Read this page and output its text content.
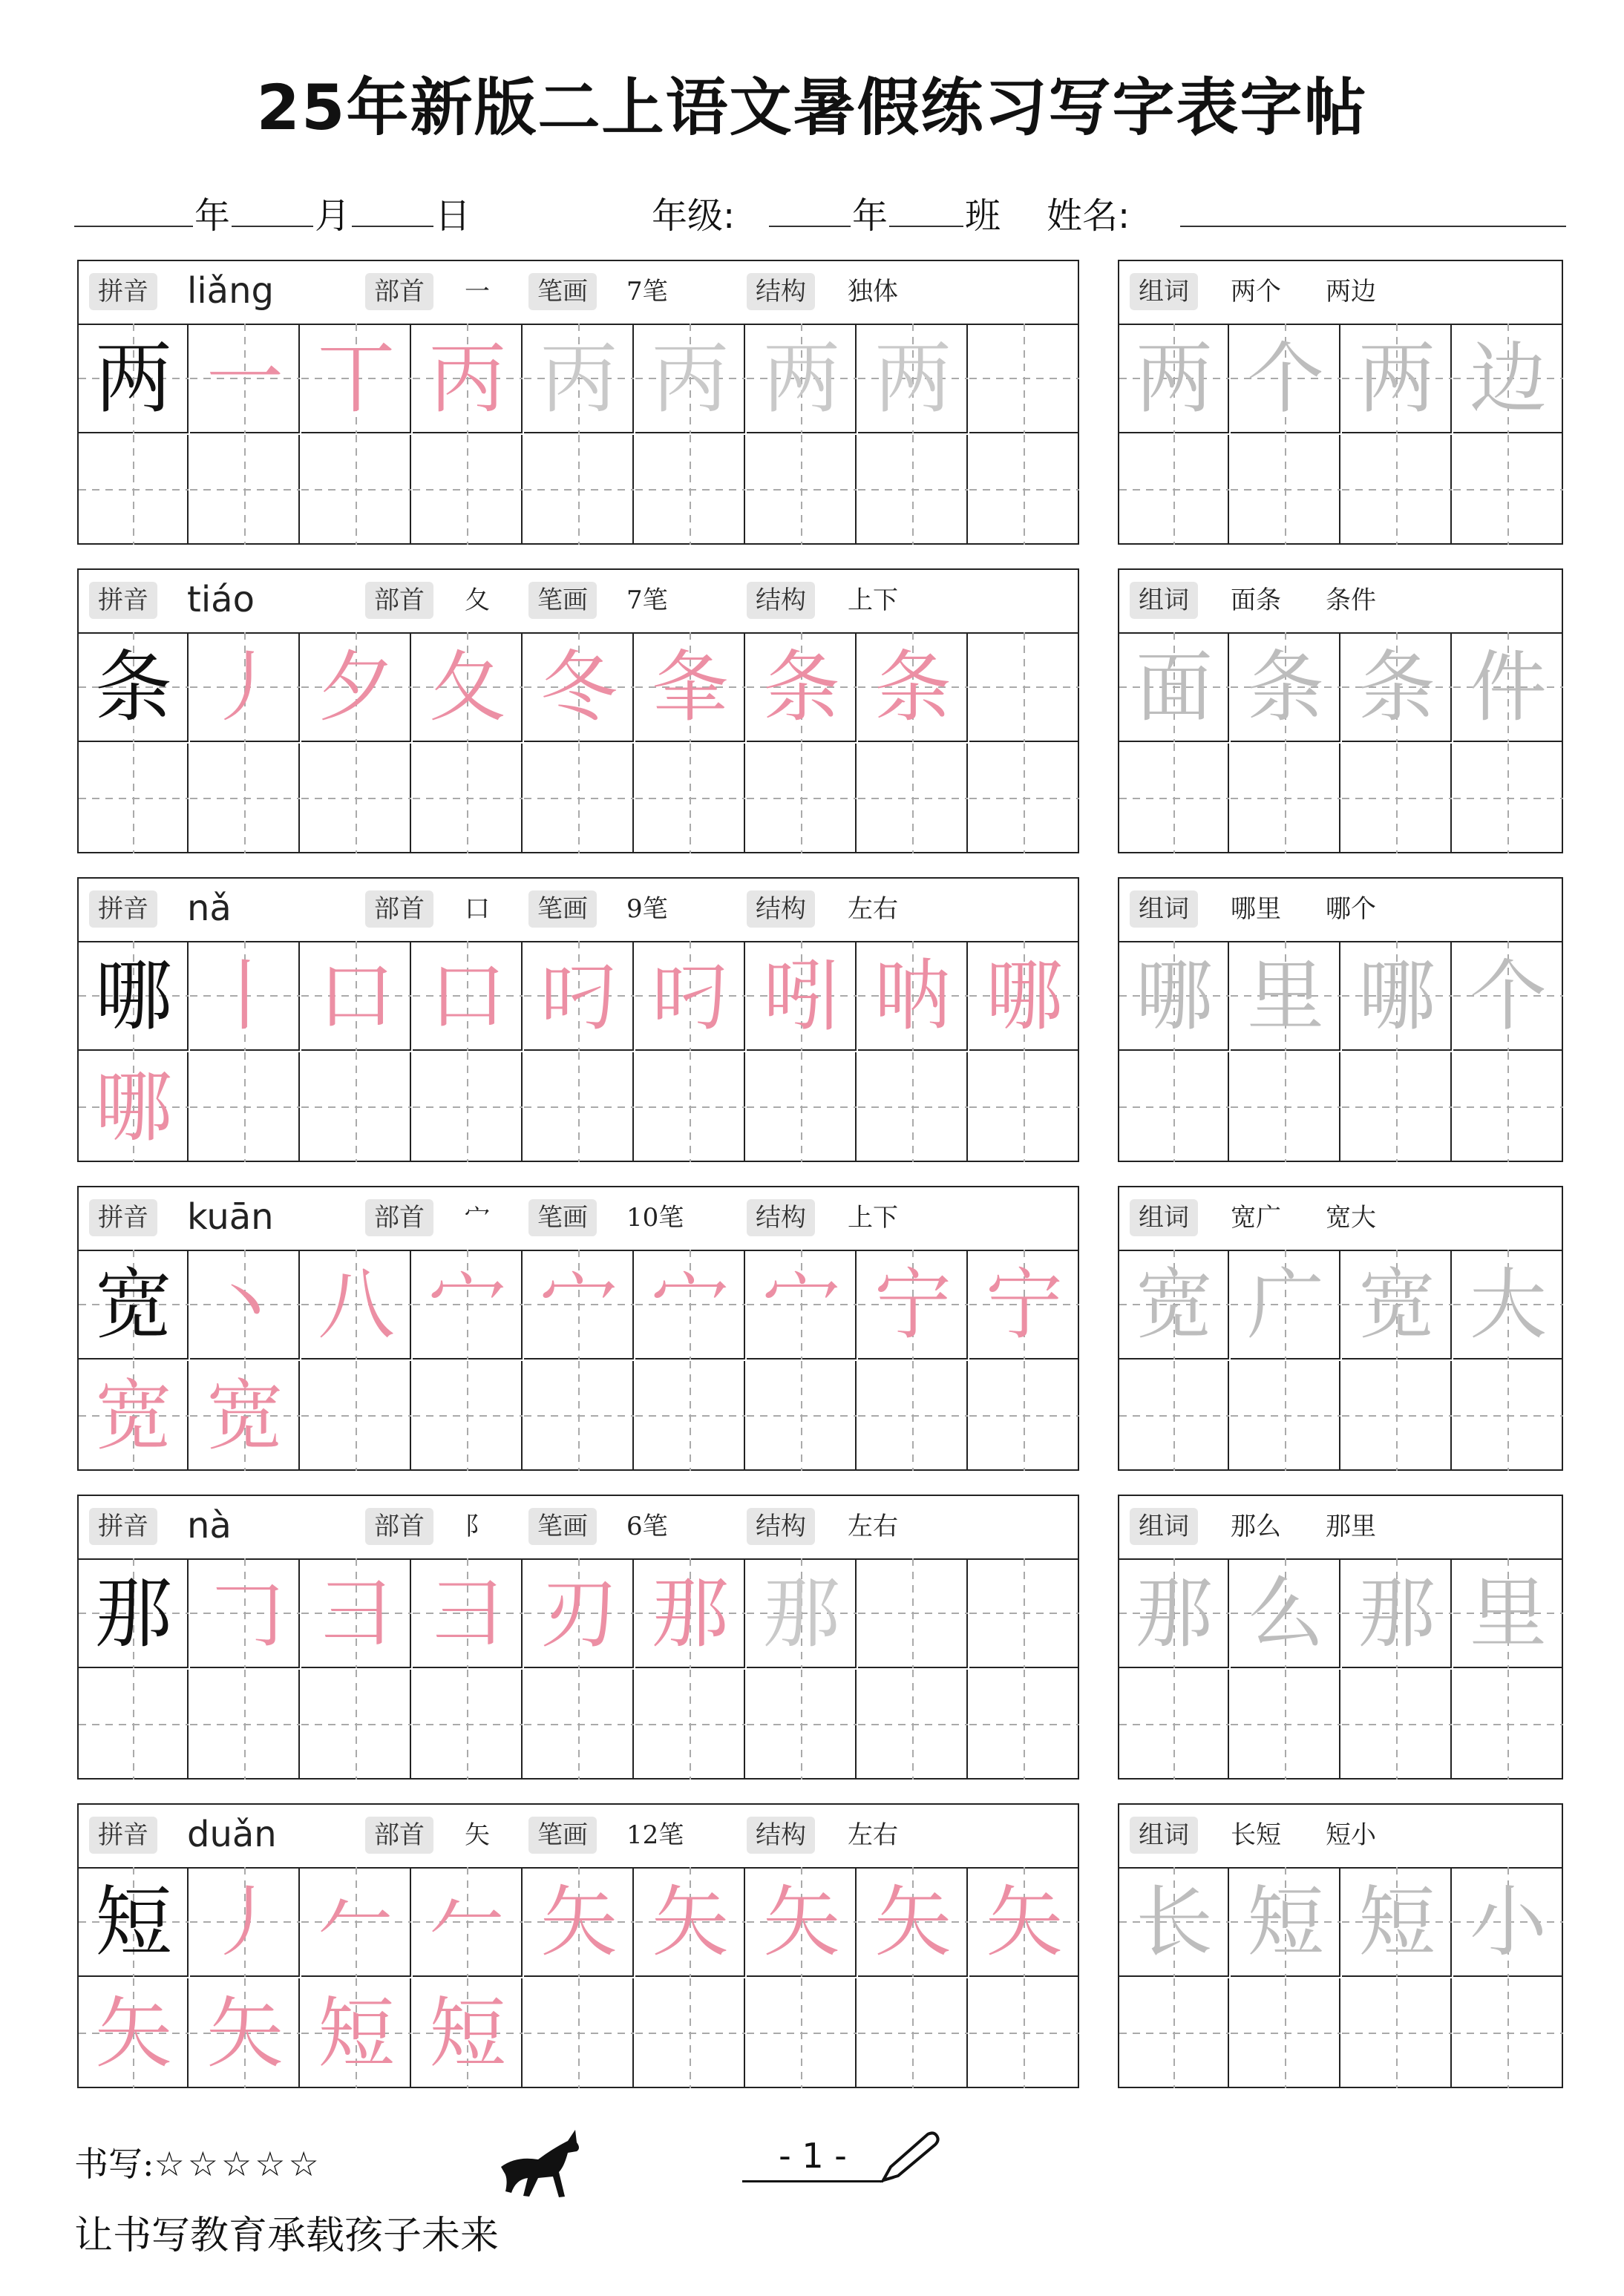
25年新版二上语文暑假练习写字表字帖
年 月 日	年级:	年 班 姓名:
拼音 liǎng	部首	一	笔画	7笔	结构	独体
两 一 丅 丙 丙 丙 两 两
组词	两个 两边
两 个 两 边
拼音 tiáo	部首	夂	笔画	7笔	结构	上下
条 丿 夕 夂 冬 夆 条 条
组词	面条 条件
面 条 条 件
拼音 nǎ	部首	口	笔画	9笔	结构	左右
哪 丨 口 口 叼 叼 吲 呐 哪
哪
组词	哪里 哪个
哪 里 哪 个
拼音 kuān	部首	宀	笔画	10笔	结构	上下
宽 丶 八 宀 宀 宀 宀 宁 宁
宽 宽
组词	宽广 宽大
宽 广 宽 大
拼音 nà	部首	阝	笔画	6笔	结构	左右
那 𠃌 彐 彐 刃 那 那
组词	那么 那里
那 么 那 里
拼音 duǎn	部首	矢	笔画	12笔	结构	左右
短 丿 𠂉 𠂉 矢 矢 矢 矢 矢
矢 矢 短 短
组词	长短 短小
长 短 短 小
书写:☆☆☆☆☆	- 1 -
让书写教育承载孩子未来
